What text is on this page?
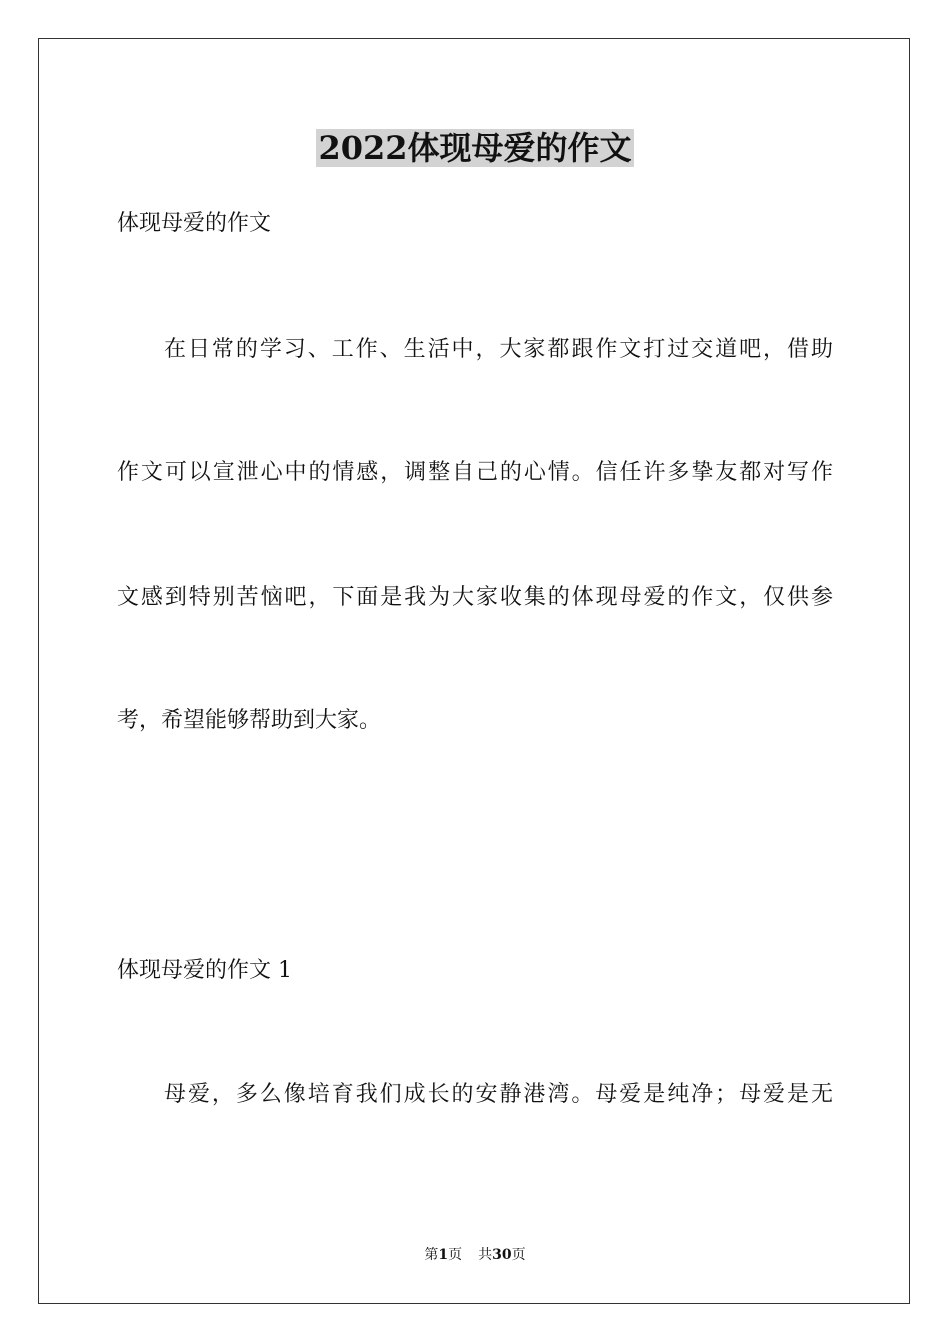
2022体现母爱的作文
体现母爱的作文
在日常的学习、工作、生活中，大家都跟作文打过交道吧，借助
作文可以宣泄心中的情感，调整自己的心情。信任许多挚友都对写作
文感到特别苦恼吧，下面是我为大家收集的体现母爱的作文，仅供参
考，希望能够帮助到大家。
体现母爱的作文 1
母爱，多么像培育我们成长的安静港湾。母爱是纯净；母爱是无
第1页 共30页
